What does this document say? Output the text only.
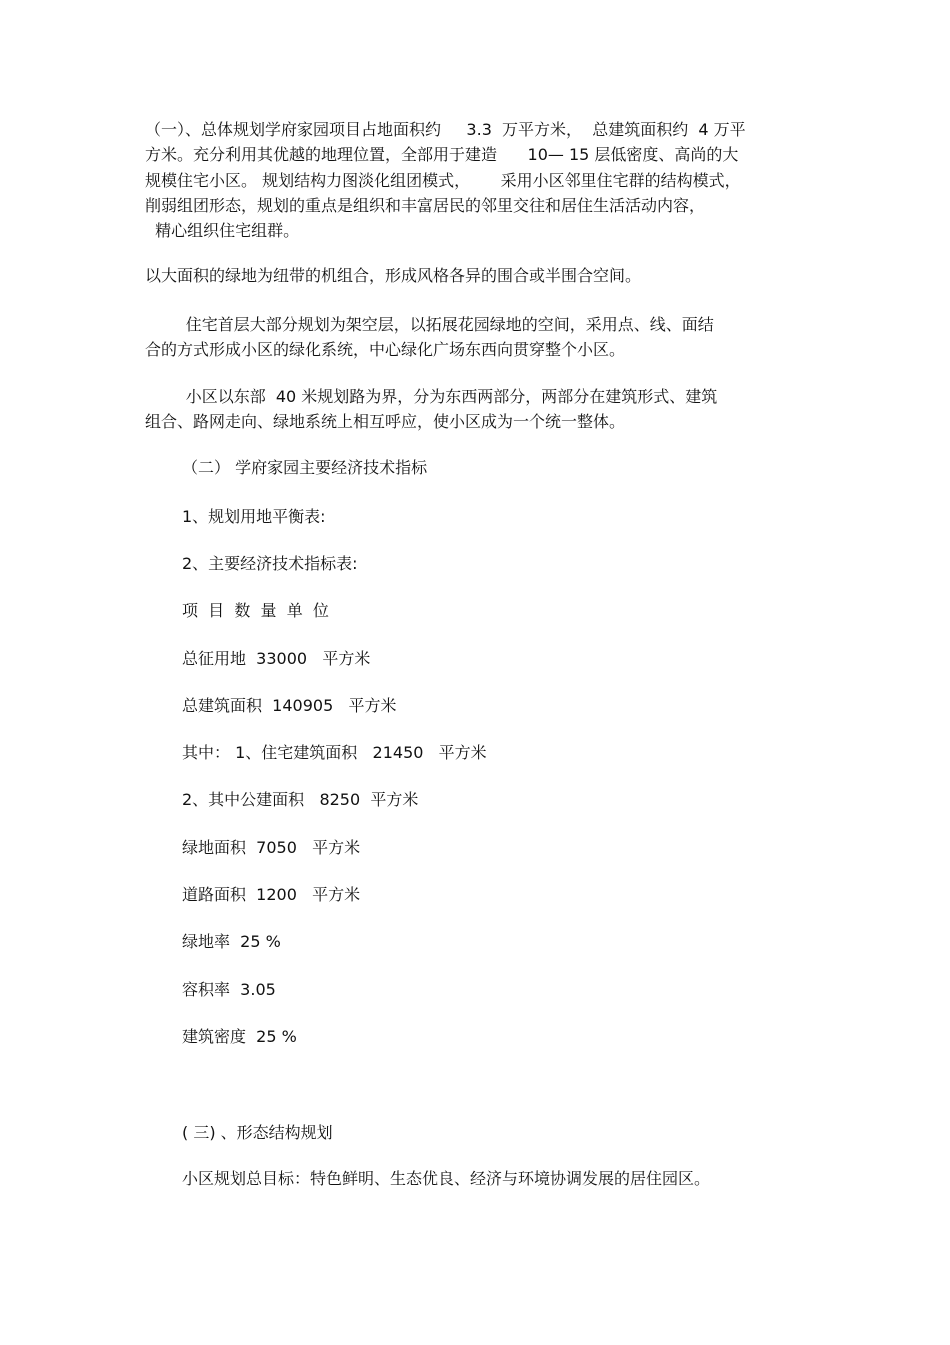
（一）、总体规划学府家园项目占地面积约     3.3  万平方米，  总建筑面积约  4 万平

方米。充分利用其优越的地理位置，全部用于建造      10— 15 层低密度、高尚的大

规模住宅小区。 规划结构力图淡化组团模式，      采用小区邻里住宅群的结构模式，

削弱组团形态，规划的重点是组织和丰富居民的邻里交往和居住生活活动内容，

精心组织住宅组群。

以大面积的绿地为纽带的机组合，形成风格各异的围合或半围合空间。

住宅首层大部分规划为架空层，以拓展花园绿地的空间，采用点、线、面结

合的方式形成小区的绿化系统，中心绿化广场东西向贯穿整个小区。

小区以东部  40 米规划路为界，分为东西两部分，两部分在建筑形式、建筑

组合、路网走向、绿地系统上相互呼应，使小区成为一个统一整体。

（二） 学府家园主要经济技术指标

1、规划用地平衡表:

2、主要经济技术指标表:

项  目  数  量  单  位

总征用地  33000   平方米

总建筑面积  140905   平方米

其中： 1、住宅建筑面积   21450   平方米

2、其中公建面积   8250  平方米

绿地面积  7050   平方米

道路面积  1200   平方米

绿地率  25 %

容积率  3.05

建筑密度  25 %

( 三) 、形态结构规划

小区规划总目标：特色鲜明、生态优良、经济与环境协调发展的居住园区。
